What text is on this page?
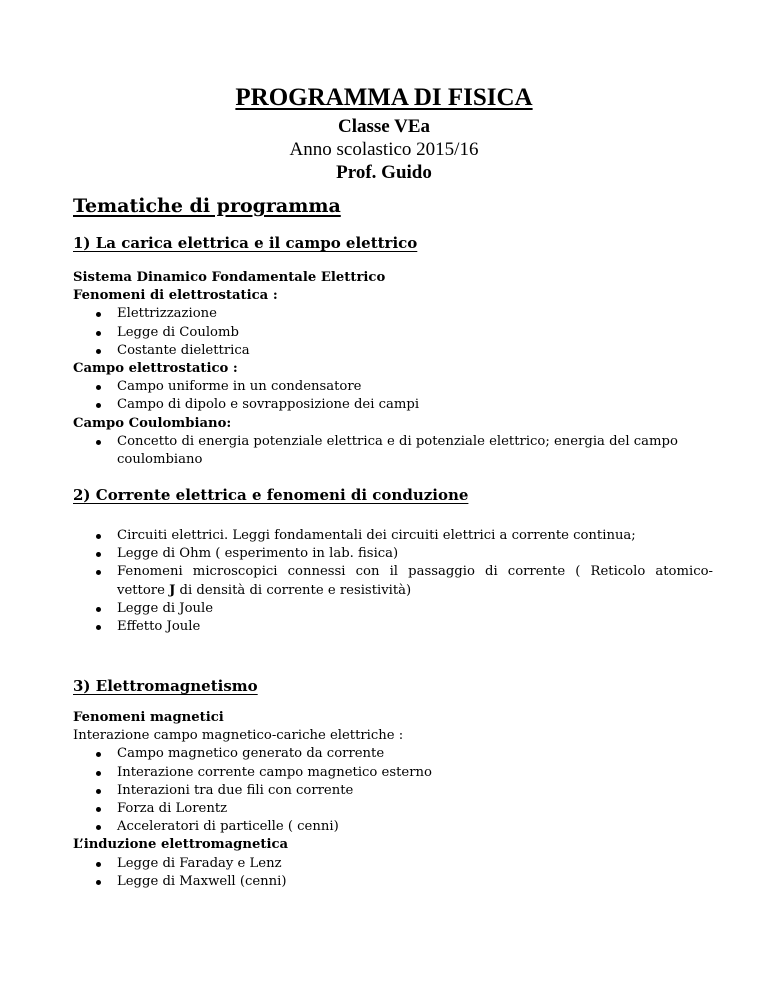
PROGRAMMA DI FISICA
Classe VEa
Anno scolastico 2015/16
Prof. Guido
Tematiche di programma
1) La carica elettrica e il campo elettrico
Sistema Dinamico Fondamentale Elettrico
Fenomeni di elettrostatica :
Elettrizzazione
Legge di Coulomb
Costante dielettrica
Campo elettrostatico :
Campo uniforme in un condensatore
Campo di dipolo e sovrapposizione dei campi
Campo Coulombiano:
Concetto di energia potenziale elettrica e di potenziale elettrico; energia del campo
coulombiano
2) Corrente elettrica e fenomeni di conduzione
Circuiti elettrici. Leggi fondamentali dei circuiti elettrici a corrente continua;
Legge di Ohm ( esperimento in lab. fisica)
Fenomeni microscopici connessi con il passaggio di corrente ( Reticolo atomico-
vettore J di densità di corrente e resistività)
Legge di Joule
Effetto Joule
3) Elettromagnetismo
Fenomeni magnetici
Interazione campo magnetico-cariche elettriche :
Campo magnetico generato da corrente
Interazione corrente campo magnetico esterno
Interazioni tra due fili con corrente
Forza di Lorentz
Acceleratori di particelle ( cenni)
L’induzione elettromagnetica
Legge di Faraday e Lenz
Legge di Maxwell (cenni)
